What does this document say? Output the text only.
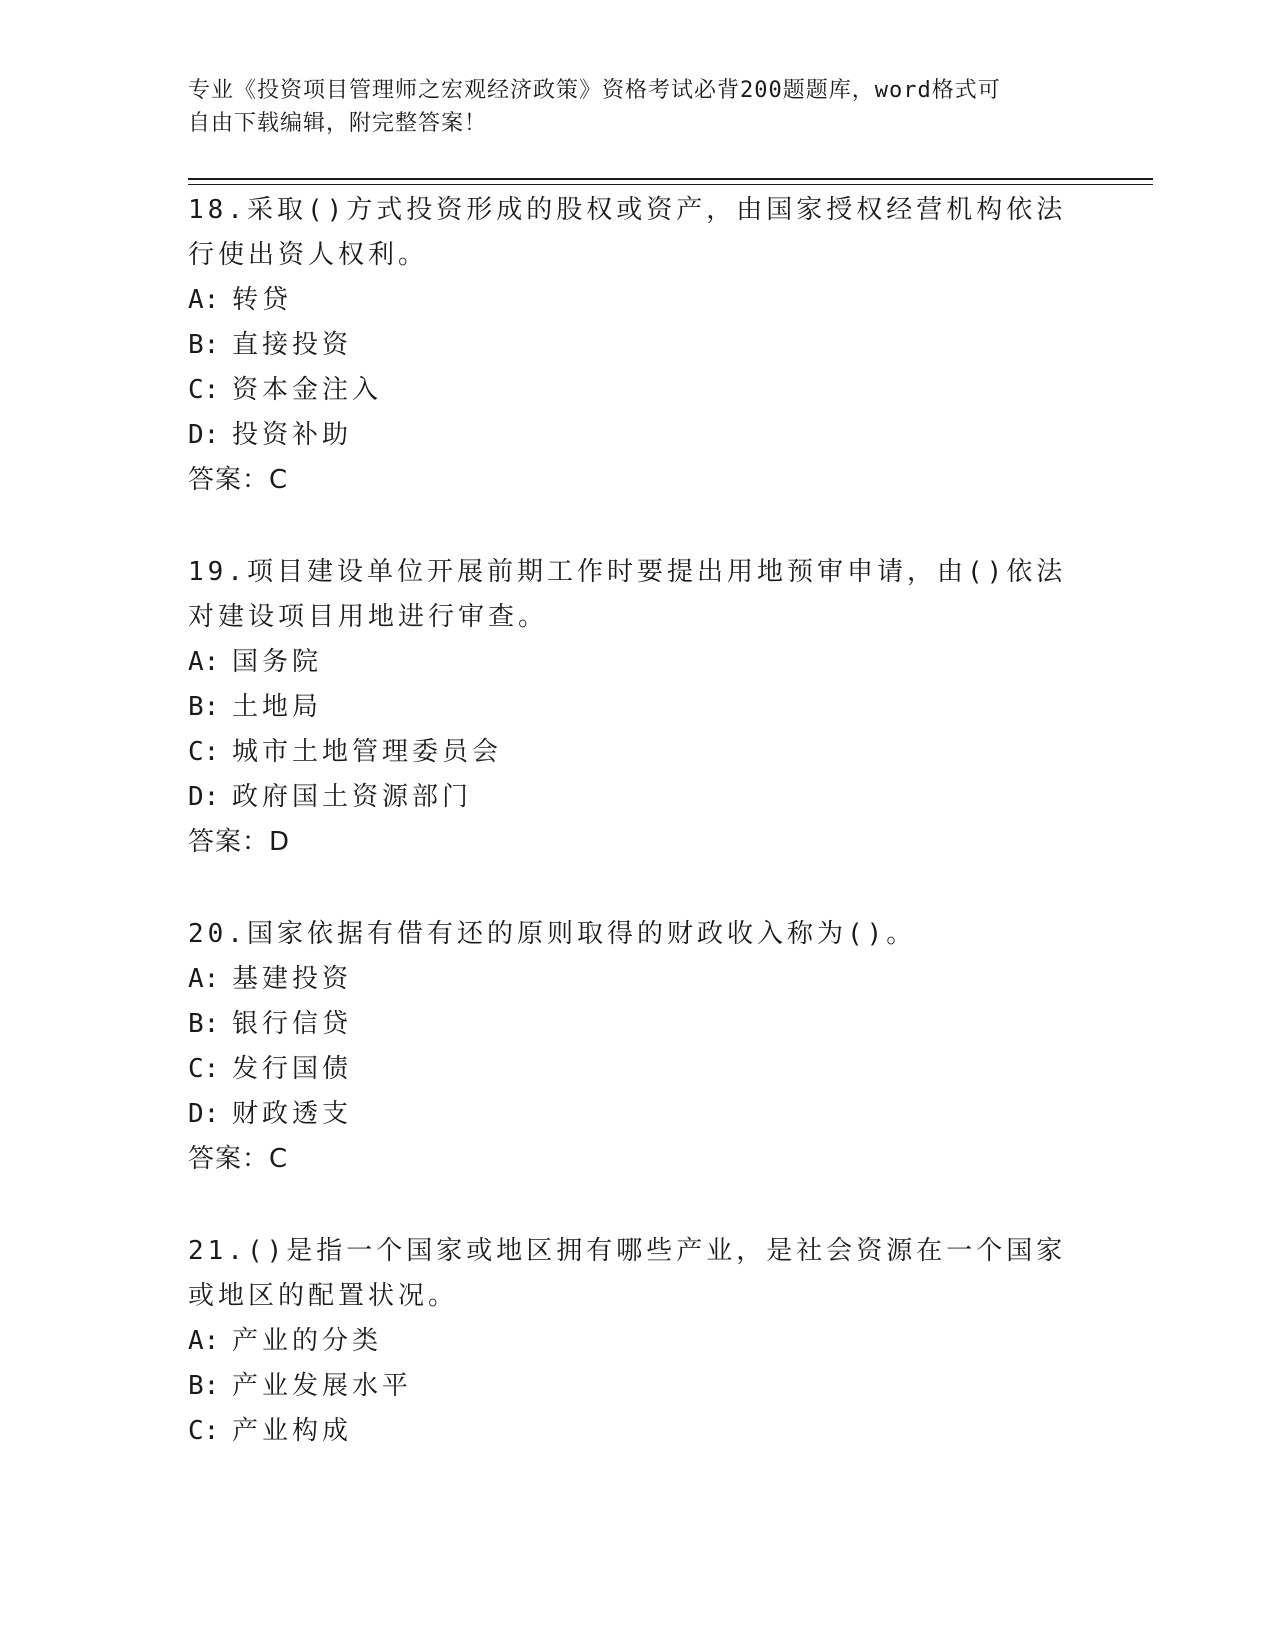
专业《投资项目管理师之宏观经济政策》资格考试必背200题题库，word格式可
自由下载编辑，附完整答案！

18.采取()方式投资形成的股权或资产，由国家授权经营机构依法行使出资人权利。

A: 转贷

B: 直接投资

C: 资本金注入

D: 投资补助

答案：C

19.项目建设单位开展前期工作时要提出用地预审申请，由()依法对建设项目用地进行审查。

A: 国务院

B: 土地局

C: 城市土地管理委员会

D: 政府国土资源部门

答案：D

20.国家依据有借有还的原则取得的财政收入称为()。

A: 基建投资

B: 银行信贷

C: 发行国债

D: 财政透支

答案：C

21.()是指一个国家或地区拥有哪些产业，是社会资源在一个国家或地区的配置状况。

A: 产业的分类

B: 产业发展水平

C: 产业构成
